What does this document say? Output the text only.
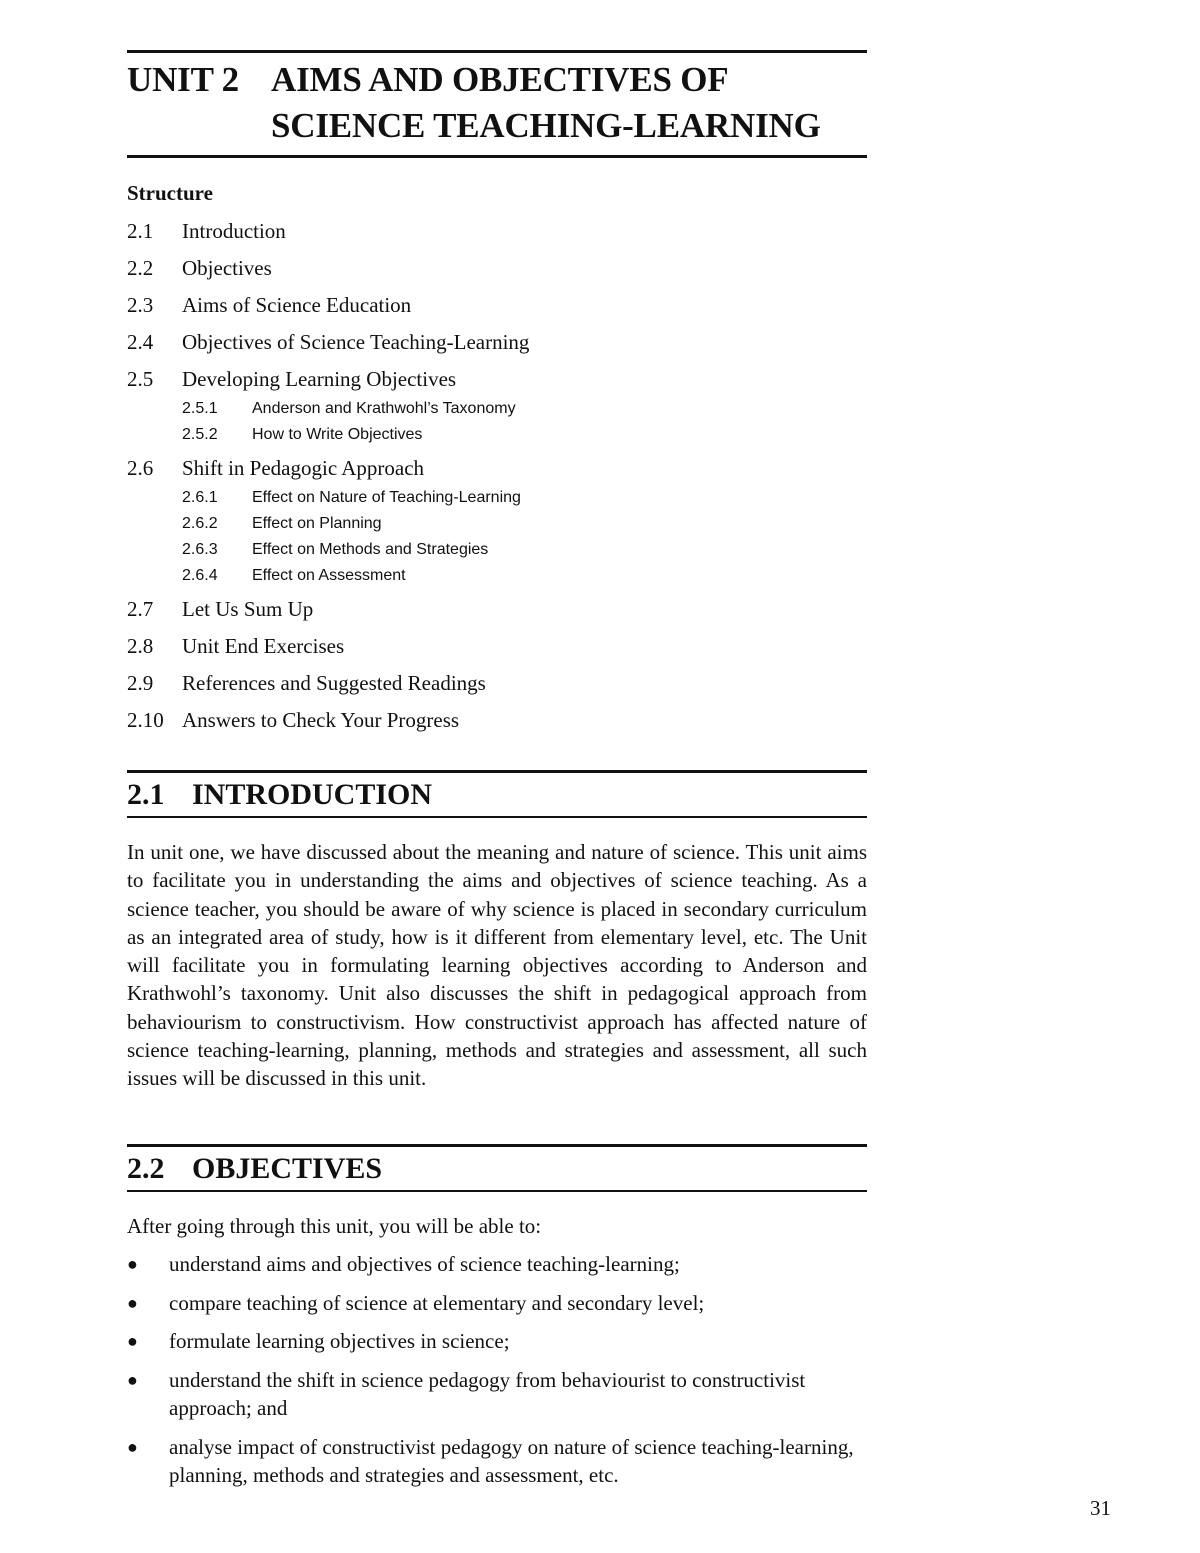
UNIT 2 AIMS AND OBJECTIVES OF
SCIENCE TEACHING-LEARNING
Structure
2.1	Introduction
2.2	Objectives
2.3	Aims of Science Education
2.4	Objectives of Science Teaching-Learning
2.5	Developing Learning Objectives
2.5.1	Anderson and Krathwohl’s Taxonomy
2.5.2	How to Write Objectives
2.6	Shift in Pedagogic Approach
2.6.1	Effect on Nature of Teaching-Learning
2.6.2	Effect on Planning
2.6.3	Effect on Methods and Strategies
2.6.4	Effect on Assessment
2.7	Let Us Sum Up
2.8	Unit End Exercises
2.9	References and Suggested Readings
2.10 Answers to Check Your Progress
2.1 INTRODUCTION
In unit one, we have discussed about the meaning and nature of science. This unit aims to facilitate you in understanding the aims and objectives of science teaching. As a science teacher, you should be aware of why science is placed in secondary curriculum as an integrated area of study, how is it different from elementary level, etc. The Unit will facilitate you in formulating learning objectives according to Anderson and Krathwohl’s taxonomy. Unit also discusses the shift in pedagogical approach from behaviourism to constructivism. How constructivist approach has affected nature of science teaching-learning, planning, methods and strategies and assessment, all such issues will be discussed in this unit.
2.2 OBJECTIVES
After going through this unit, you will be able to:
●	understand aims and objectives of science teaching-learning;
●	compare teaching of science at elementary and secondary level;
●	formulate learning objectives in science;
●	understand the shift in science pedagogy from behaviourist to constructivist approach; and
●	analyse impact of constructivist pedagogy on nature of science teaching-learning, planning, methods and strategies and assessment, etc.
31
